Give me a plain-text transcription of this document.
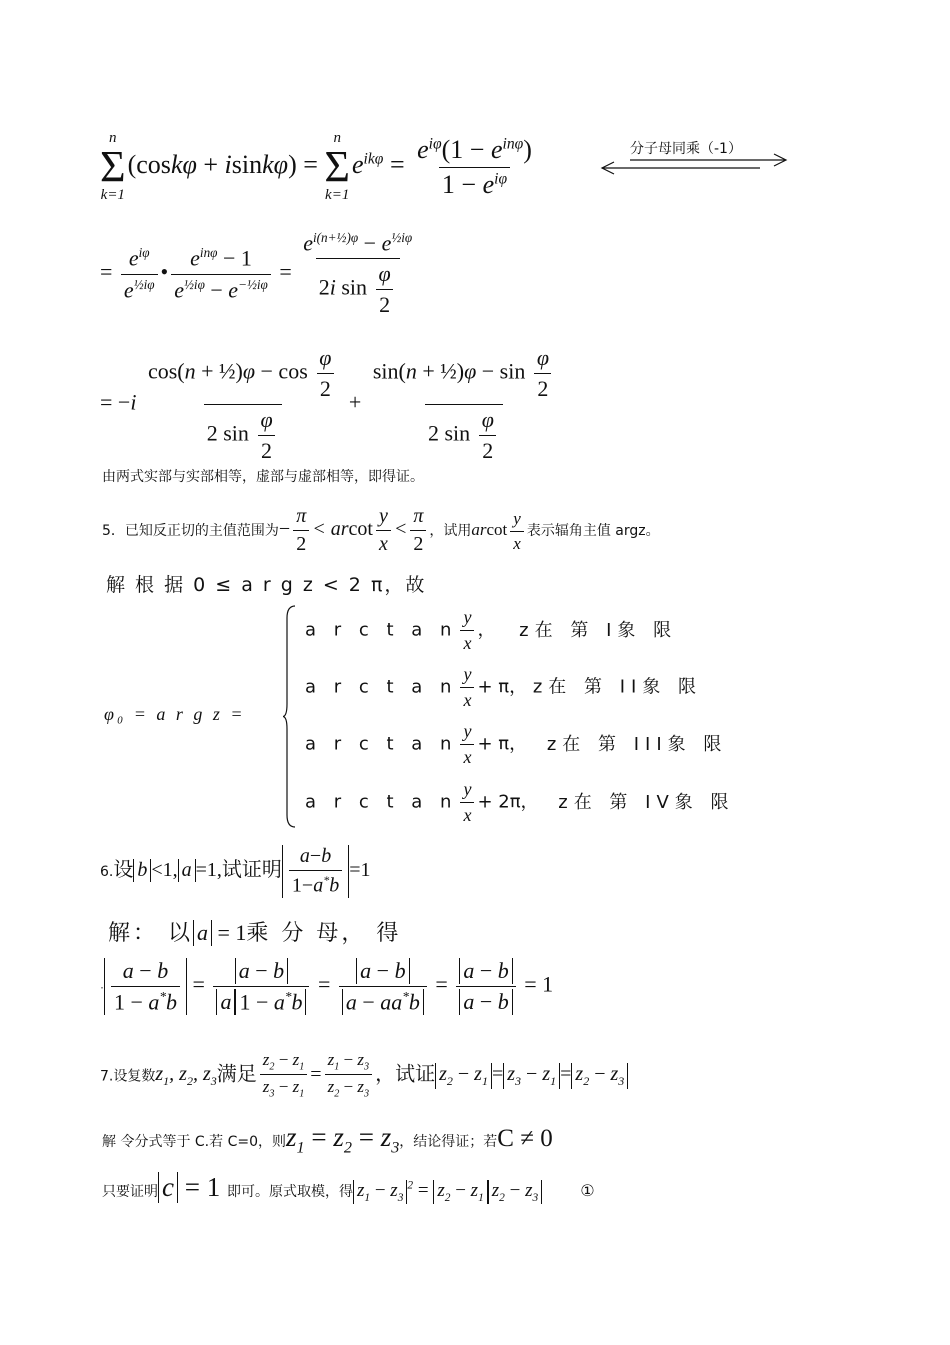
n
Σ
k=1
(coskφ + isinkφ) =
n
Σ
k=1
$e^{ik\varphi} = \frac{e^{i\varphi}(1 - e^{in\varphi})}{1 - e^{i\varphi}}$	分子母同乘（-1）
= $\frac{e^{i\varphi}}{e^{\frac{1}{2}i\varphi}}$ • $\frac{e^{in\varphi} - 1}{e^{\frac{1}{2}i\varphi} - e^{-\frac{1}{2}i\varphi}} = \frac{e^{i(n+\frac{1}{2})\varphi} - e^{\frac{1}{2}i\varphi}}{2i \sin \frac{\varphi}{2}}$
= $-i \frac{\cos(n + \frac{1}{2})\varphi - \cos \frac{\varphi}{2}}{2 \sin \frac{\varphi}{2}} + \frac{\sin(n + \frac{1}{2})\varphi - \sin \frac{\varphi}{2}}{2 \sin \frac{\varphi}{2}}$
由两式实部与实部相等，虚部与虚部相等，即得证。
5．已知反正切的主值范围为− $\frac{\pi}{2} < arcot \frac{y}{x} < \frac{\pi}{2}$ ，试用arcot $\frac{y}{x}$ 表示辐角主值 argz。
解 根 据 0 ≤ a r g z < 2 π，故
φ₀ = a r g z =
a r c t a n $\frac{y}{x}$ ， z在 第 Ⅰ象 限
a r c t a n $\frac{y}{x} + \pi$， z在 第 ⅠⅠ象 限
a r c t a n $\frac{y}{x} + \pi$， z在 第 ⅠⅠⅠ象 限
a r c t a n $\frac{y}{x} + 2\pi$， z在 第 ⅠV象 限
6.设 b <1, a =1,试证明 $\frac{a-b}{1-a^*b} =1$
解： 以 a = 1乘 分 母， 得
· $\frac{a - b}{1 - a^*b} = \frac{a - b}{a 1 - a^*b} = \frac{a - b}{a - aa^*b} = \frac{a - b}{a - b} = 1$
7.设复数$z_1$, $z_2$, $z_3$满足 $\frac{z_2 - z_1}{z_3 - z_1} = \frac{z_1 - z_3}{z_2 - z_3}$ ，试证 $z_2 - z_1 = z_3 - z_1 = z_2 - z_3$
解 令分式等于 C.若 C=0，则$z_1 = z_2 = z_3$，结论得证；若C ≠ 0
只要证明 c = 1 即可。原式取模，得 $z_1 - z_3^2 = z_2 - z_1$ $z_2 - z_3$	①
